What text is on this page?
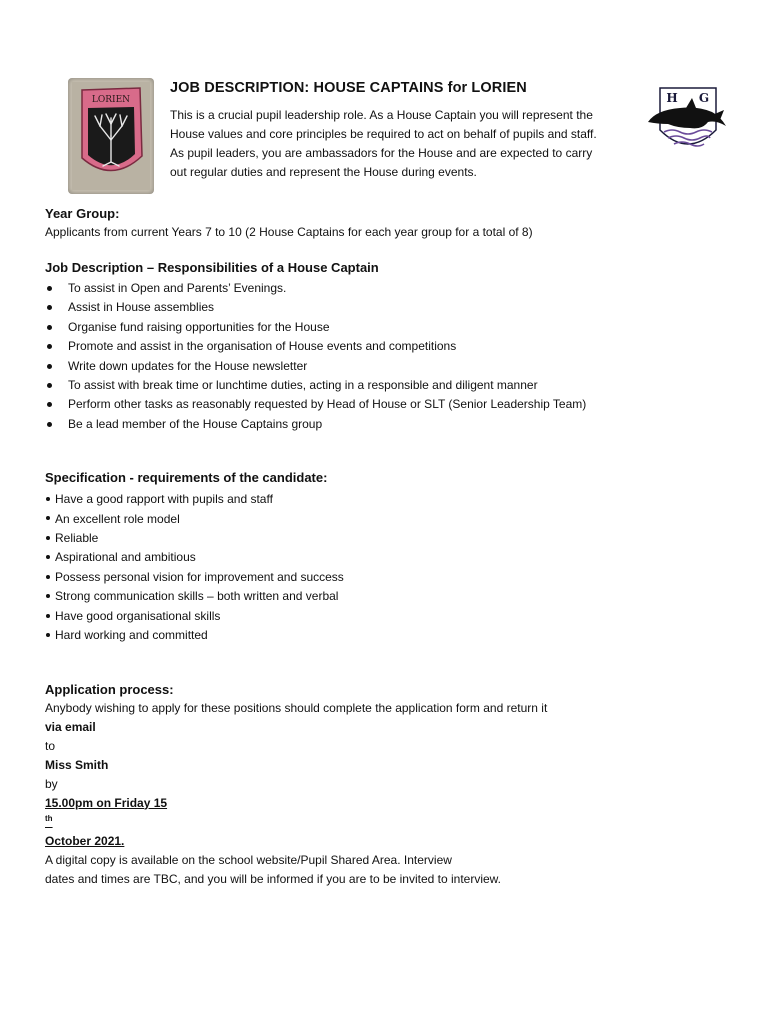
LORIEN
JOB DESCRIPTION: HOUSE CAPTAINS for LORIEN

This is a crucial pupil leadership role. As a House Captain you will represent the
House values and core principles be required to act on behalf of pupils and staff.
As pupil leaders, you are ambassadors for the House and are expected to carry
out regular duties and represent the House during events.

H G
Year Group:

Applicants from current Years 7 to 10 (2 House Captains for each year group for a total of 8)

Job Description – Responsibilities of a House Captain
To assist in Open and Parents’ Evenings.
Assist in House assemblies
Organise fund raising opportunities for the House
Promote and assist in the organisation of House events and competitions
Write down updates for the House newsletter
To assist with break time or lunchtime duties, acting in a responsible and diligent manner
Perform other tasks as reasonably requested by Head of House or SLT (Senior Leadership Team)
Be a lead member of the House Captains group
Specification - requirements of the candidate:
Have a good rapport with pupils and staff
An excellent role model
Reliable
Aspirational and ambitious
Possess personal vision for improvement and success
Strong communication skills – both written and verbal
Have good organisational skills
Hard working and committed
Application process:

Anybody wishing to apply for these positions should complete the application form and return it
via email
to
Miss Smith
by
15.00pm on Friday 15
$^{th}$
October 2021.
A digital copy is available on the school website/Pupil Shared Area. Interview
dates and times are TBC, and you will be informed if you are to be invited to interview.
